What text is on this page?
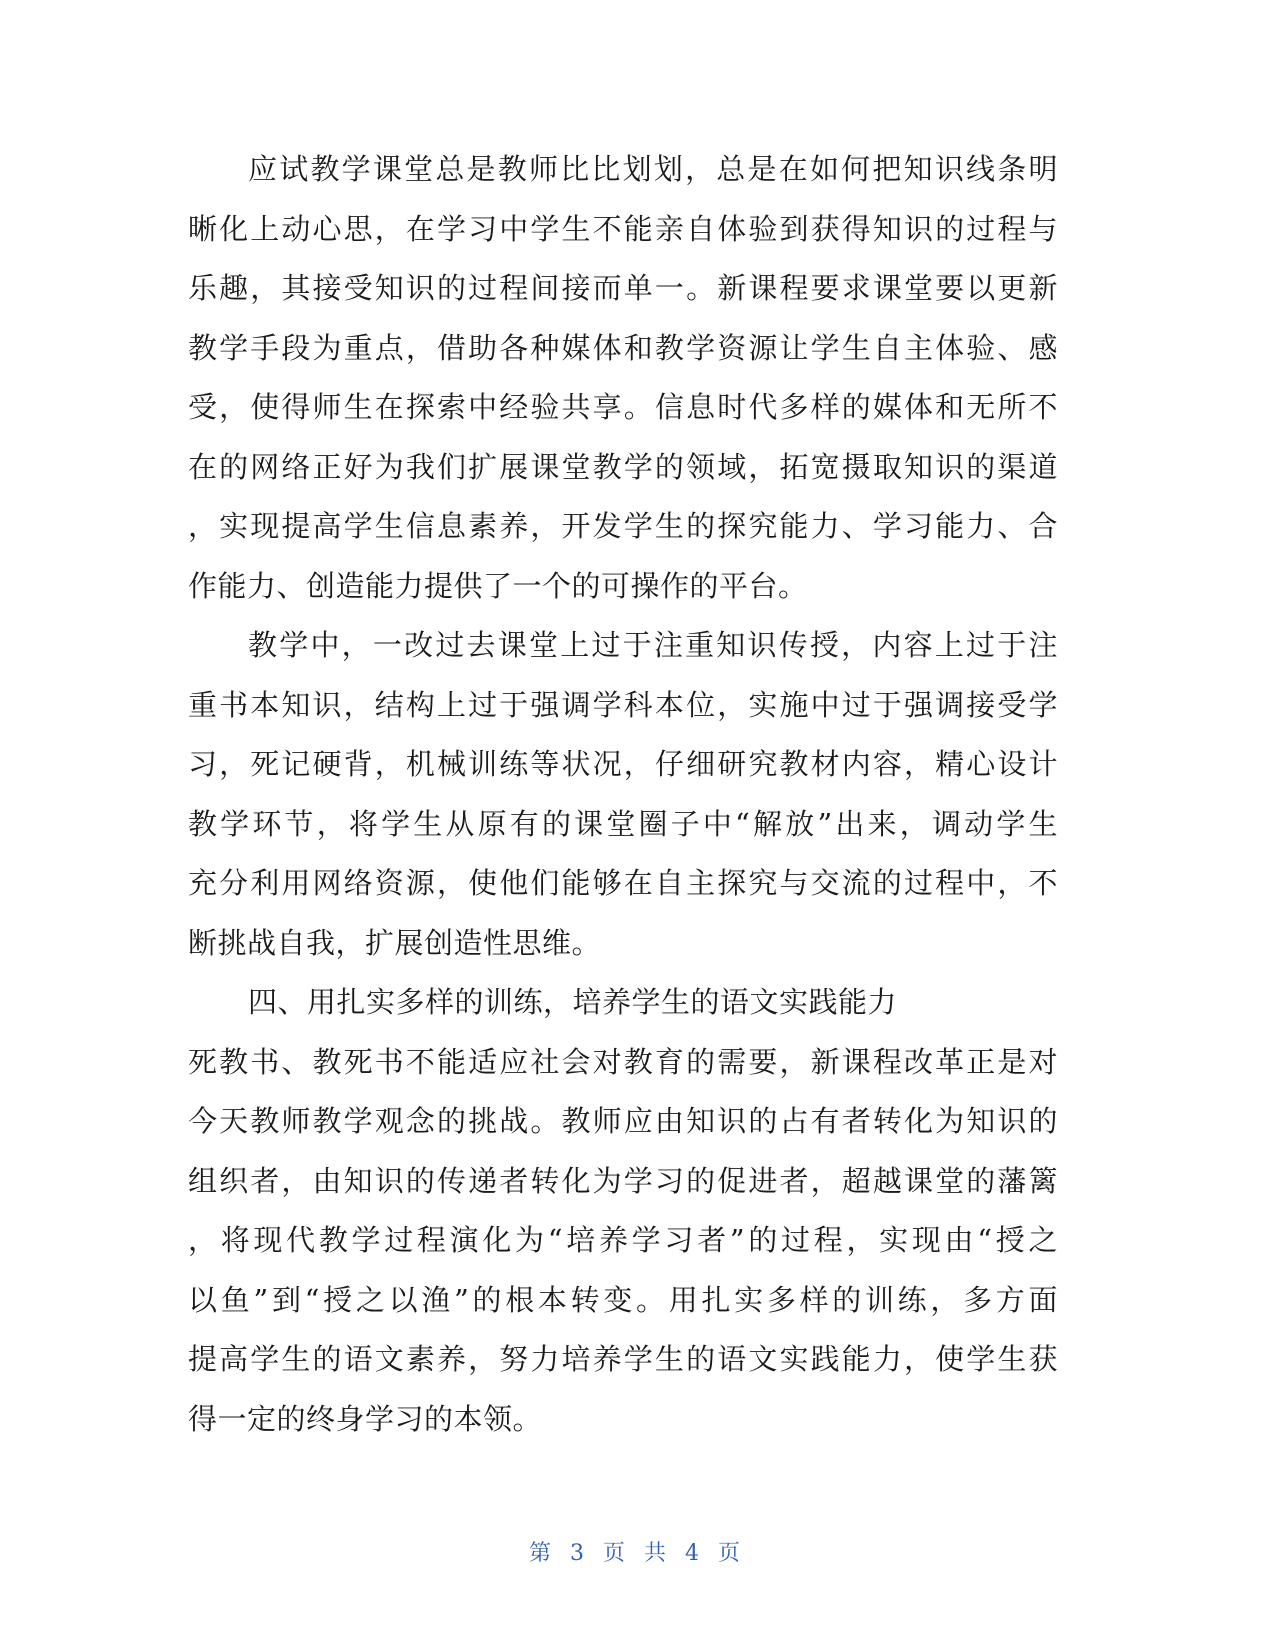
应试教学课堂总是教师比比划划，总是在如何把知识线条明
晰化上动心思，在学习中学生不能亲自体验到获得知识的过程与
乐趣，其接受知识的过程间接而单一。新课程要求课堂要以更新
教学手段为重点，借助各种媒体和教学资源让学生自主体验、感
受，使得师生在探索中经验共享。信息时代多样的媒体和无所不
在的网络正好为我们扩展课堂教学的领域，拓宽摄取知识的渠道
，实现提高学生信息素养，开发学生的探究能力、学习能力、合
作能力、创造能力提供了一个的可操作的平台。
教学中，一改过去课堂上过于注重知识传授，内容上过于注
重书本知识，结构上过于强调学科本位，实施中过于强调接受学
习，死记硬背，机械训练等状况，仔细研究教材内容，精心设计
教学环节，将学生从原有的课堂圈子中“解放”出来，调动学生
充分利用网络资源，使他们能够在自主探究与交流的过程中，不
断挑战自我，扩展创造性思维。
四、用扎实多样的训练，培养学生的语文实践能力
死教书、教死书不能适应社会对教育的需要，新课程改革正是对
今天教师教学观念的挑战。教师应由知识的占有者转化为知识的
组织者，由知识的传递者转化为学习的促进者，超越课堂的藩篱
，将现代教学过程演化为“培养学习者”的过程，实现由“授之
以鱼”到“授之以渔”的根本转变。用扎实多样的训练，多方面
提高学生的语文素养，努力培养学生的语文实践能力，使学生获
得一定的终身学习的本领。
第 3 页 共 4 页
